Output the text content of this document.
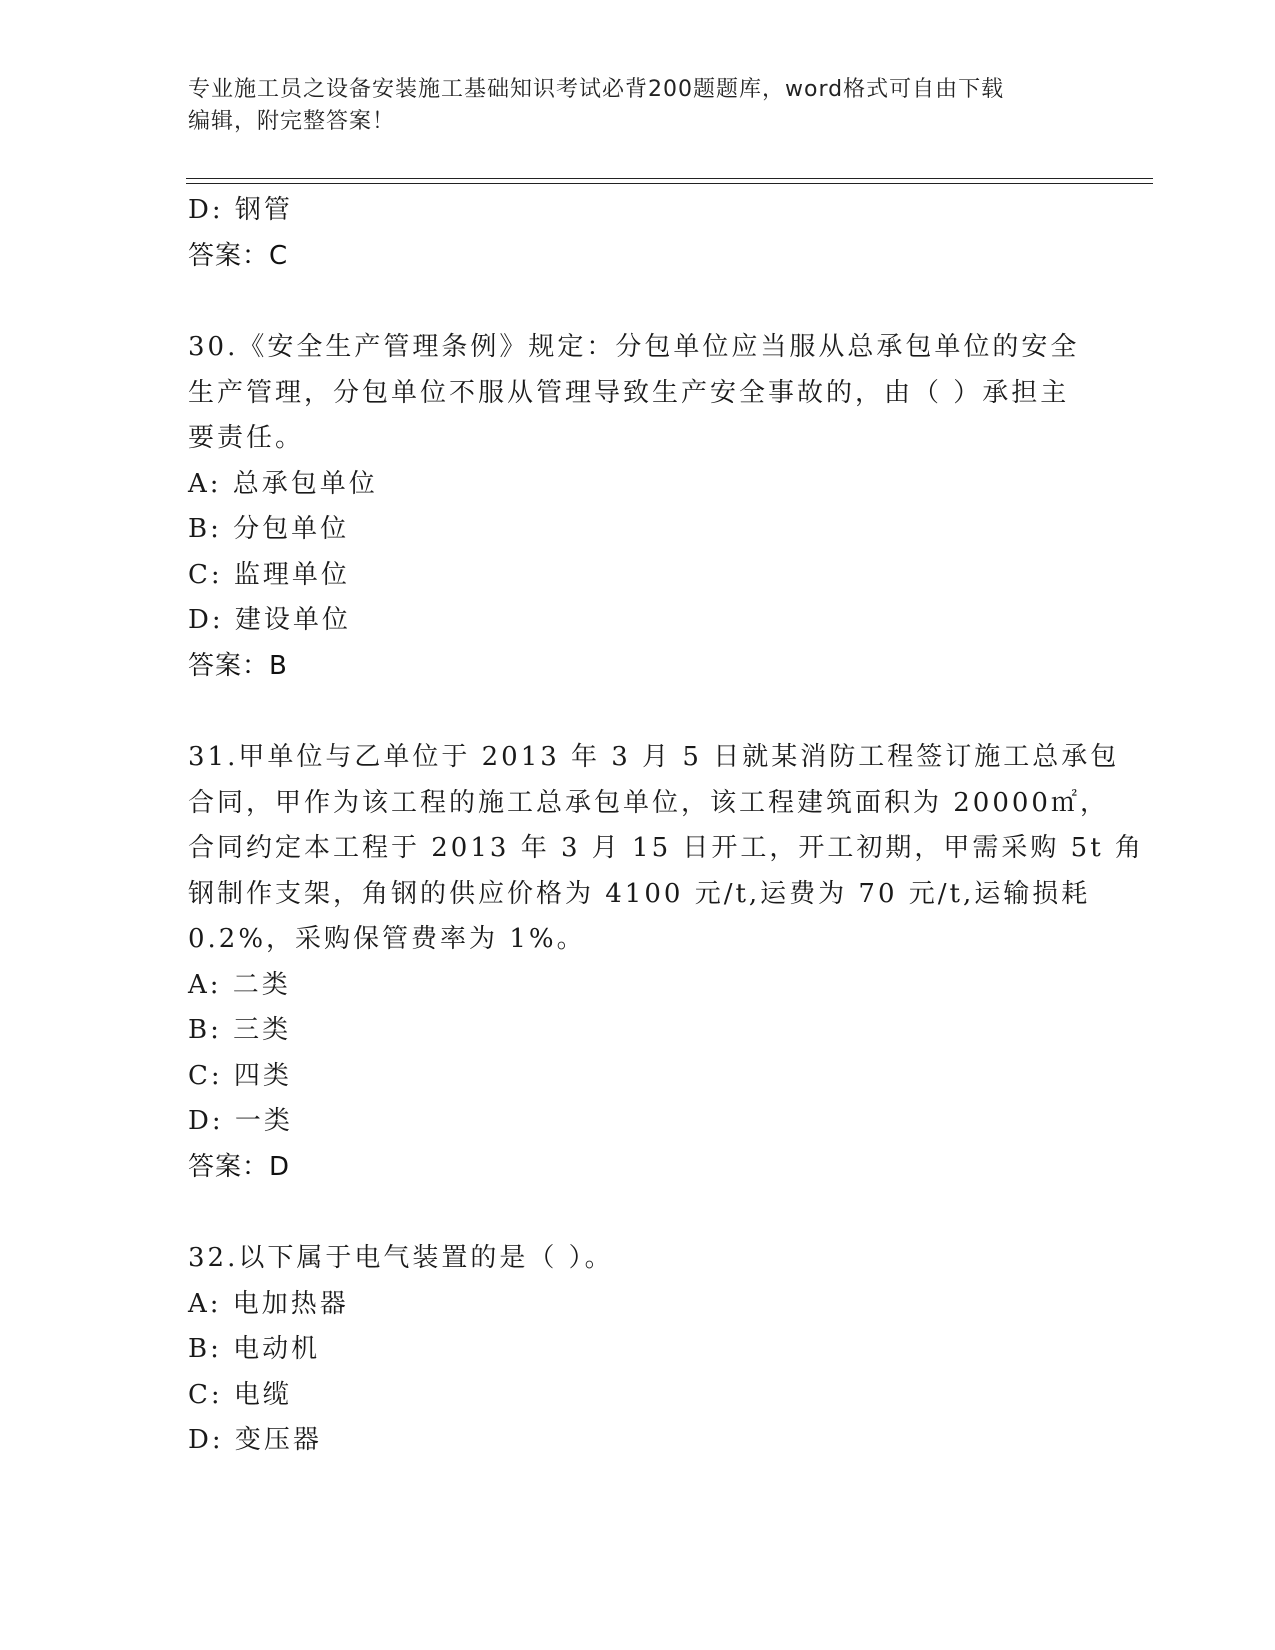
专业施工员之设备安装施工基础知识考试必背200题题库，word格式可自由下载
编辑，附完整答案！
D: 钢管
答案：C
30.《安全生产管理条例》规定：分包单位应当服从总承包单位的安全
生产管理，分包单位不服从管理导致生产安全事故的，由（ ）承担主
要责任。
A: 总承包单位
B: 分包单位
C: 监理单位
D: 建设单位
答案：B
31.甲单位与乙单位于 2013 年 3 月 5 日就某消防工程签订施工总承包
合同，甲作为该工程的施工总承包单位，该工程建筑面积为 20000㎡，
合同约定本工程于 2013 年 3 月 15 日开工，开工初期，甲需采购 5t 角
钢制作支架，角钢的供应价格为 4100 元/t,运费为 70 元/t,运输损耗
0.2%，采购保管费率为 1%。
A: 二类
B: 三类
C: 四类
D: 一类
答案：D
32.以下属于电气装置的是（ ）。
A: 电加热器
B: 电动机
C: 电缆
D: 变压器
